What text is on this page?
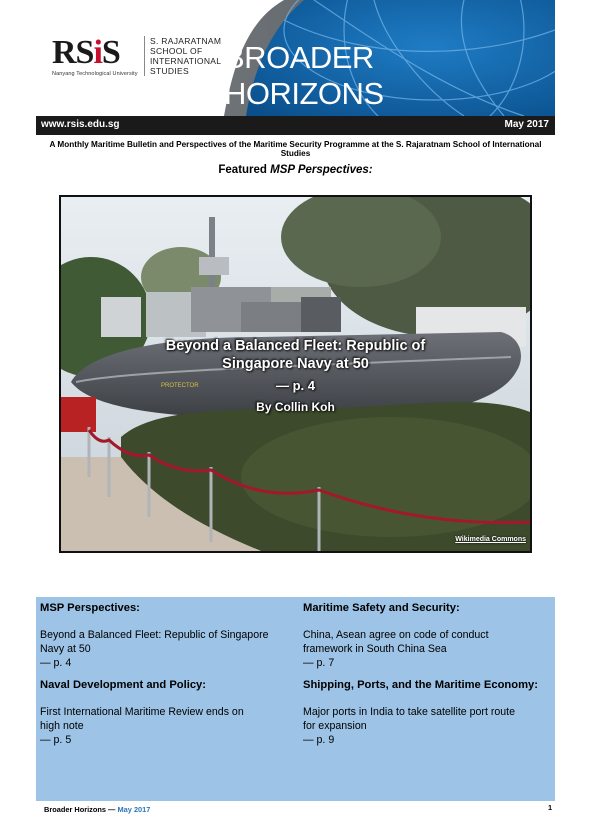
RSiS
Nanyang Technological University
S. RAJARATNAM
SCHOOL OF
INTERNATIONAL
STUDIES	BROADER HORIZONS
www.rsis.edu.sg	May 2017
A Monthly Maritime Bulletin and Perspectives of the Maritime Security Programme at the S. Rajaratnam School of International Studies
Featured MSP Perspectives:
PROTECTOR
Beyond a Balanced Fleet: Republic of
Singapore Navy at 50
— p. 4
By Collin Koh
Wikimedia Commons
MSP Perspectives:
Beyond a Balanced Fleet: Republic of Singapore
Navy at 50
— p. 4
Naval Development and Policy:
First International Maritime Review ends on
high note
— p. 5
Maritime Safety and Security:
China, Asean agree on code of conduct
framework in South China Sea
— p. 7
Shipping, Ports, and the Maritime Economy:
Major ports in India to take satellite port route
for expansion
— p. 9
Broader Horizons — May 2017	1
